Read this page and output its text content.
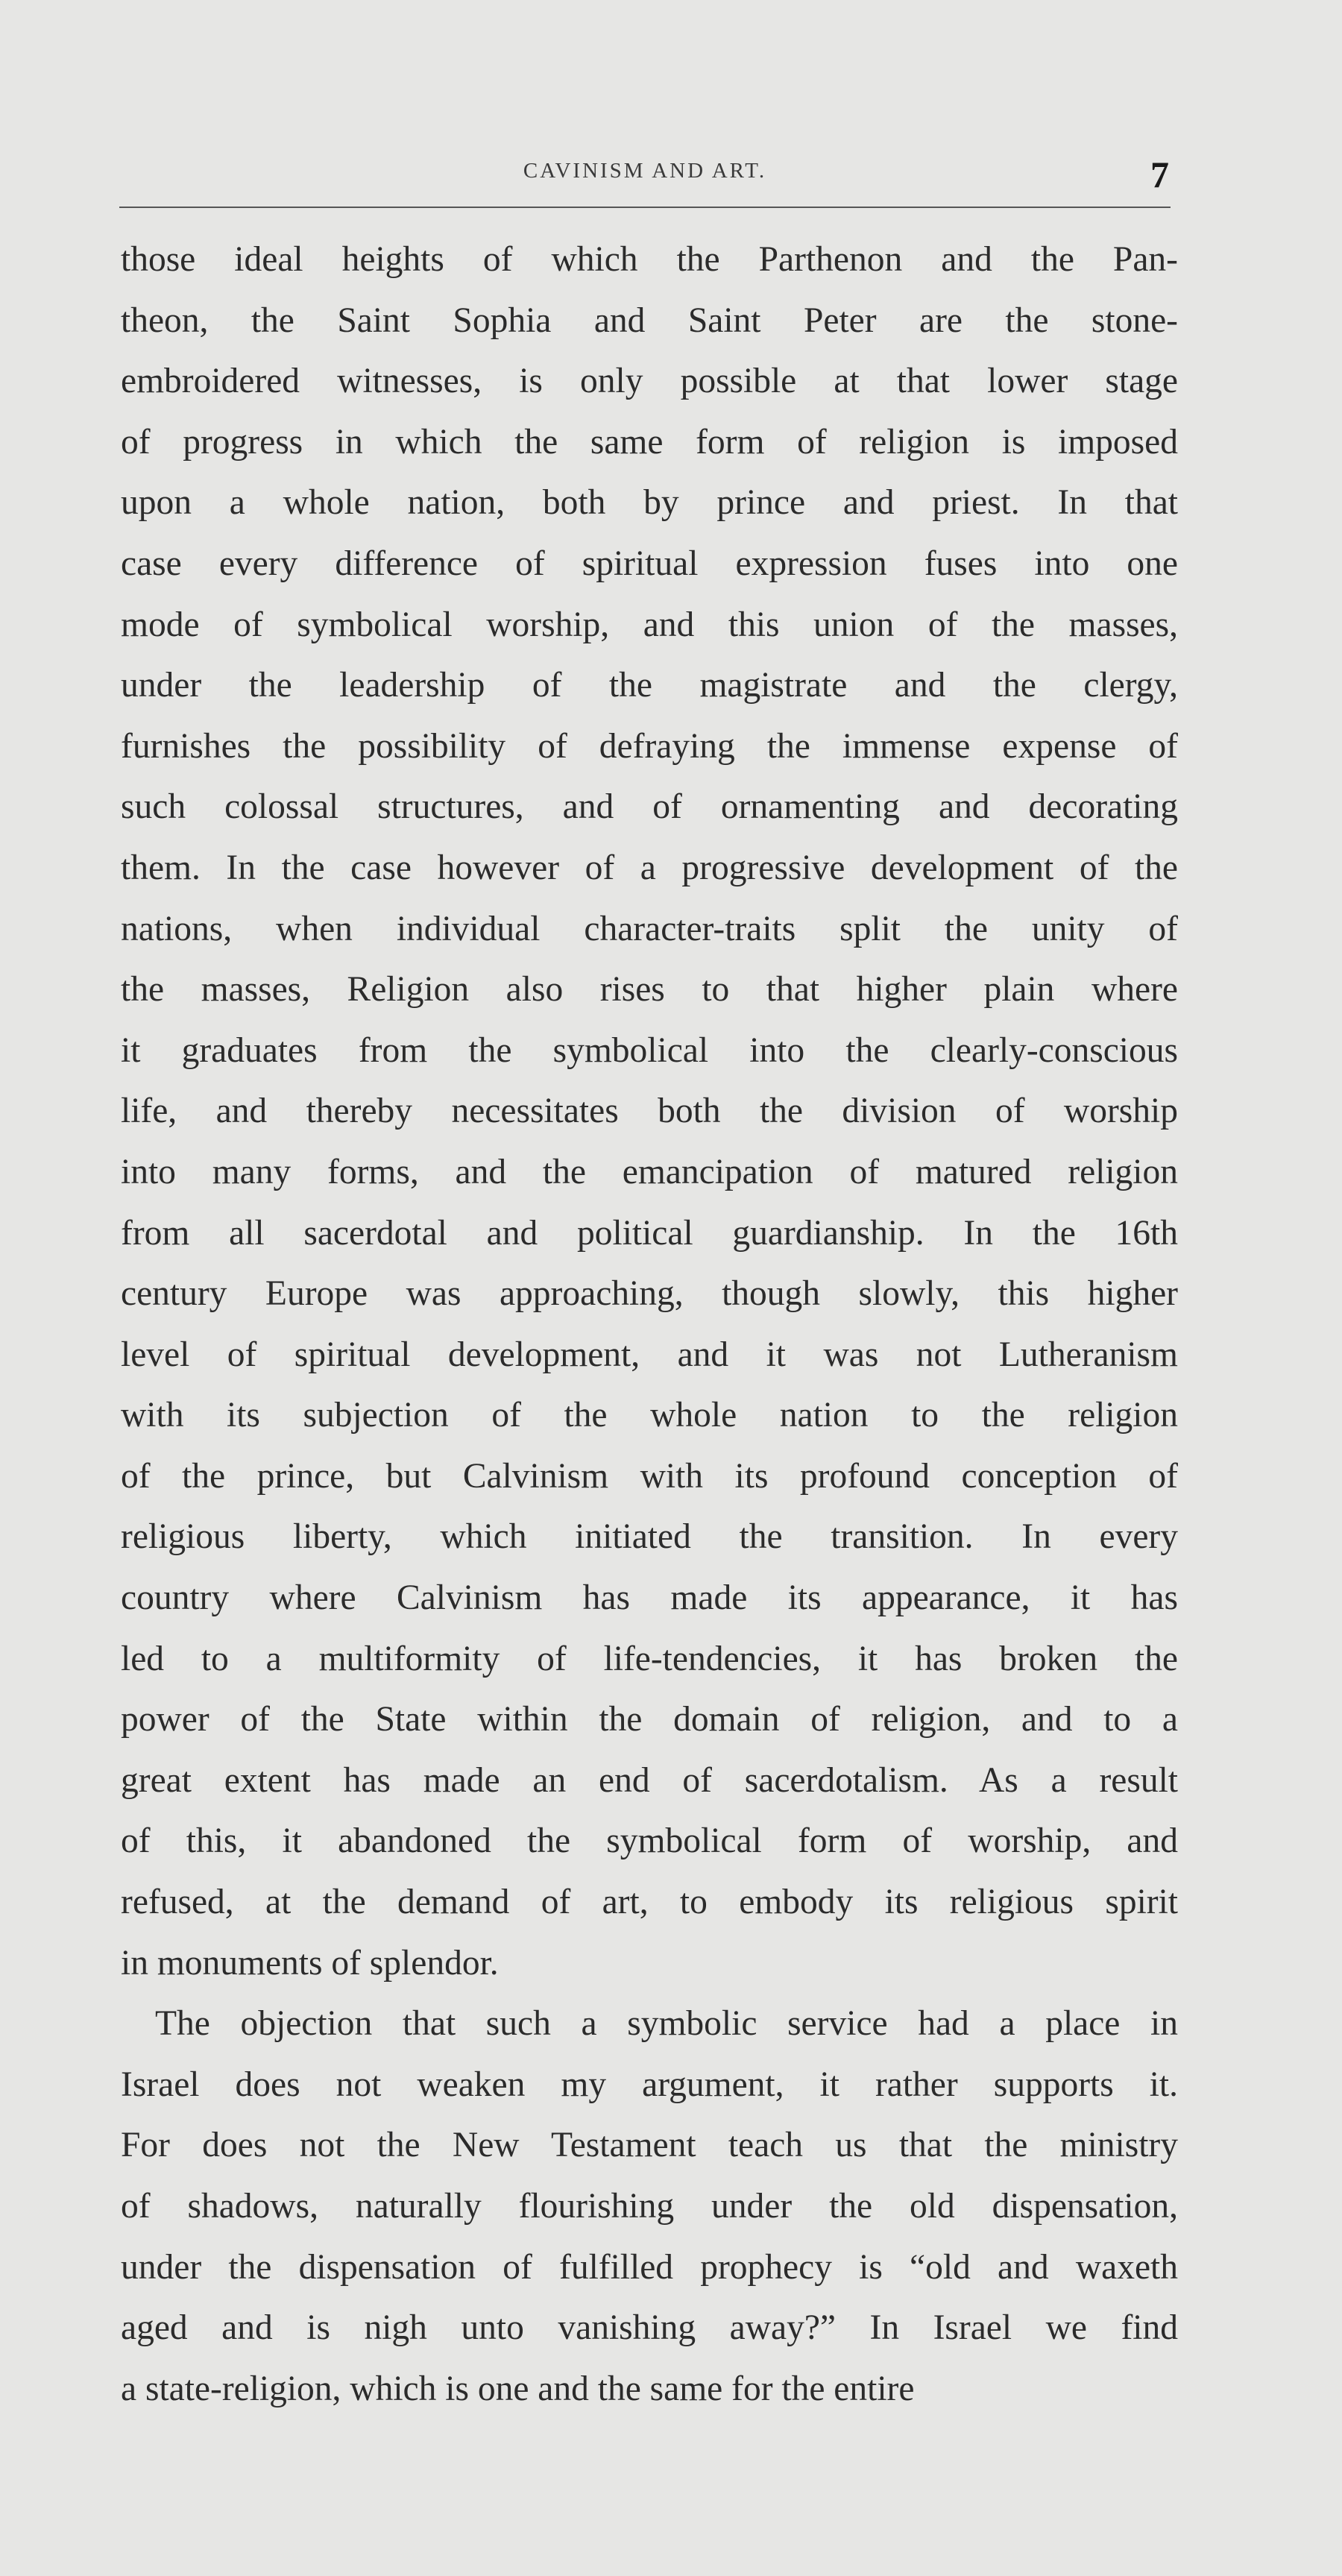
CAVINISM AND ART.	7
those ideal heights of which the Parthenon and the Pan-
theon, the Saint Sophia and Saint Peter are the stone-
embroidered witnesses, is only possible at that lower stage
of progress in which the same form of religion is imposed
upon a whole nation, both by prince and priest. In that
case every difference of spiritual expression fuses into one
mode of symbolical worship, and this union of the masses,
under the leadership of the magistrate and the clergy,
furnishes the possibility of defraying the immense expense of
such colossal structures, and of ornamenting and decorating
them. In the case however of a progressive development of the
nations, when individual character-traits split the unity of
the masses, Religion also rises to that higher plain where
it graduates from the symbolical into the clearly-conscious
life, and thereby necessitates both the division of worship
into many forms, and the emancipation of matured religion
from all sacerdotal and political guardianship. In the 16th
century Europe was approaching, though slowly, this higher
level of spiritual development, and it was not Lutheranism
with its subjection of the whole nation to the religion
of the prince, but Calvinism with its profound conception of
religious liberty, which initiated the transition. In every
country where Calvinism has made its appearance, it has
led to a multiformity of life-tendencies, it has broken the
power of the State within the domain of religion, and to a
great extent has made an end of sacerdotalism. As a result
of this, it abandoned the symbolical form of worship, and
refused, at the demand of art, to embody its religious spirit
in monuments of splendor.
The objection that such a symbolic service had a place in
Israel does not weaken my argument, it rather supports it.
For does not the New Testament teach us that the ministry
of shadows, naturally flourishing under the old dispensation,
under the dispensation of fulfilled prophecy is “old and waxeth
aged and is nigh unto vanishing away?” In Israel we find
a state-religion, which is one and the same for the entire
